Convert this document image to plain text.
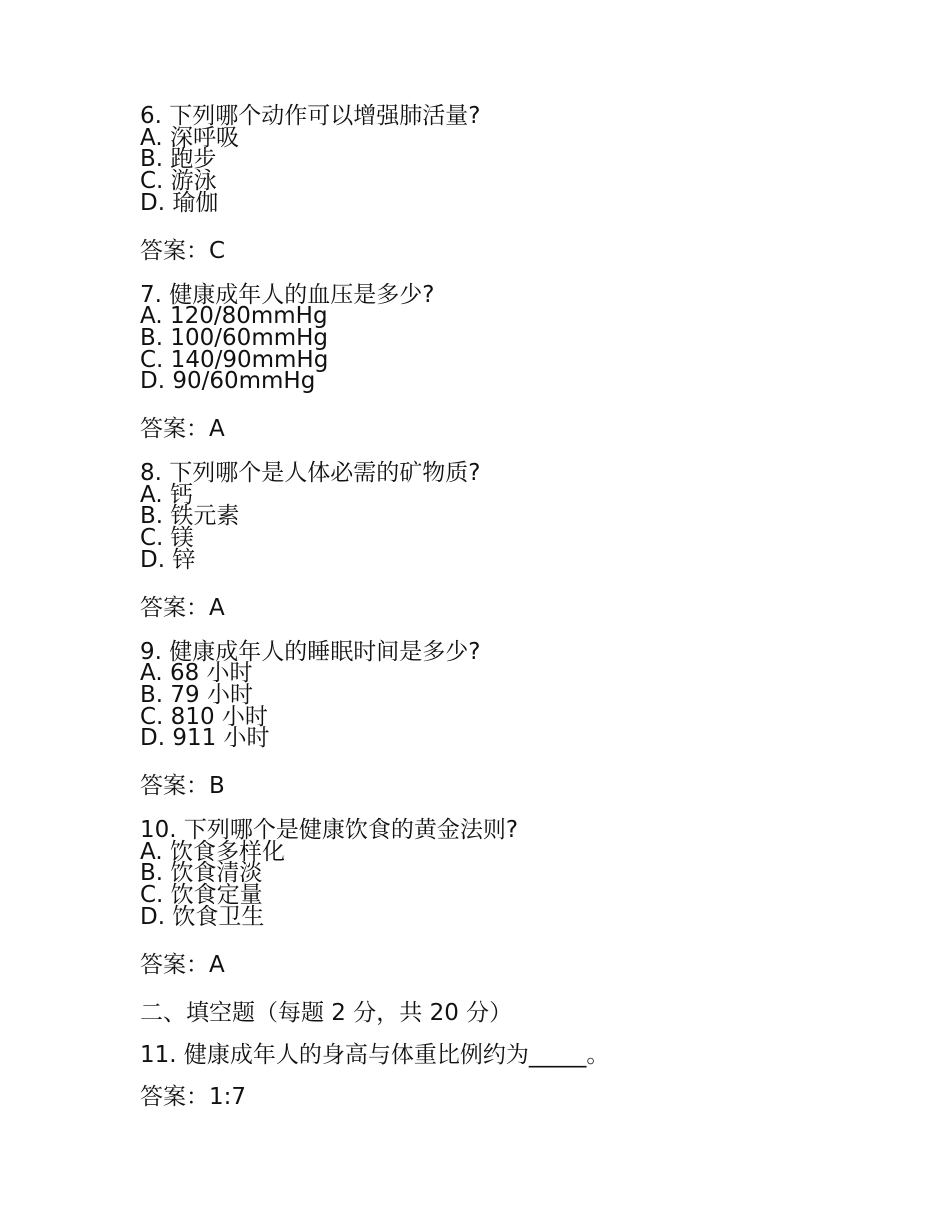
6. 下列哪个动作可以增强肺活量?
A. 深呼吸
B. 跑步
C. 游泳
D. 瑜伽
答案：C
7. 健康成年人的血压是多少?
A. 120/80mmHg
B. 100/60mmHg
C. 140/90mmHg
D. 90/60mmHg
答案：A
8. 下列哪个是人体必需的矿物质?
A. 钙
B. 铁元素
C. 镁
D. 锌
答案：A
9. 健康成年人的睡眠时间是多少?
A. 68 小时
B. 79 小时
C. 810 小时
D. 911 小时
答案：B
10. 下列哪个是健康饮食的黄金法则?
A. 饮食多样化
B. 饮食清淡
C. 饮食定量
D. 饮食卫生
答案：A
二、填空题（每题 2 分，共 20 分）
11. 健康成年人的身高与体重比例约为_____。
答案：1:7
